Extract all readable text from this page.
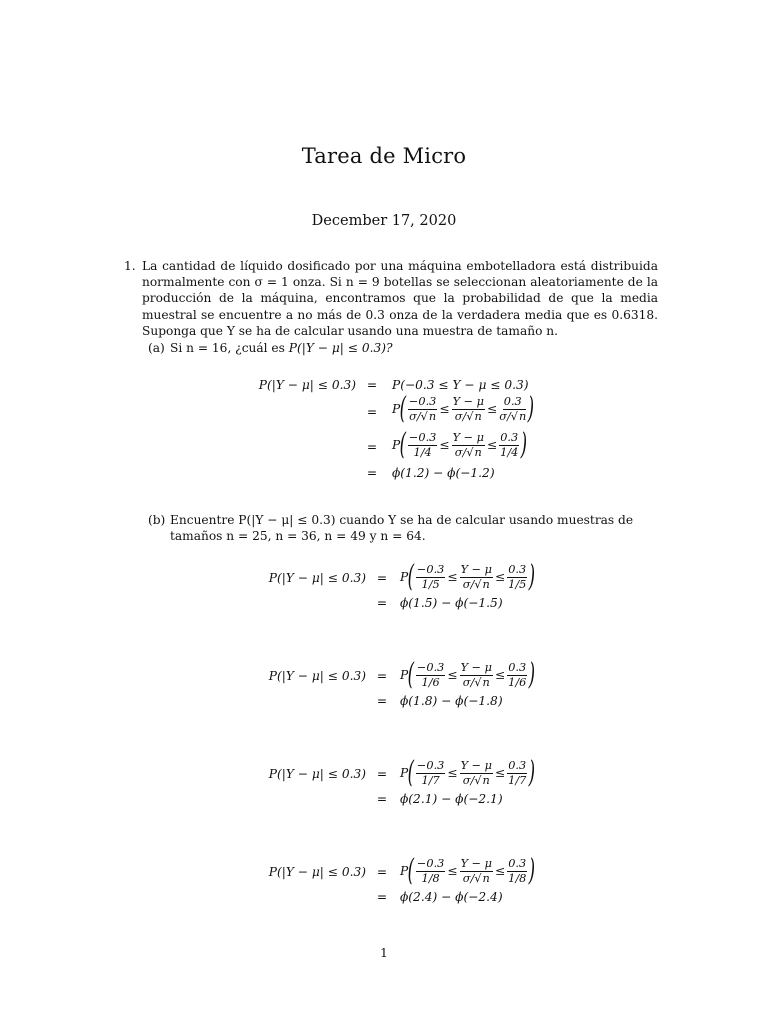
Tarea de Micro
December 17, 2020
1. La cantidad de líquido dosificado por una máquina embotelladora está distribuida normalmente con σ = 1 onza. Si n = 9 botellas se seleccionan aleatoriamente de la producción de la máquina, encontramos que la probabilidad de que la media muestral se encuentre a no más de 0.3 onza de la verdadera media que es 0.6318. Suponga que Y se ha de calcular usando una muestra de tamaño n.
(a) Si n = 16, ¿cuál es P(|Y − μ| ≤ 0.3)?
P(|Y − μ| ≤ 0.3) =	P(−0.3 ≤ Y − μ ≤ 0.3)
=	P ( $\frac{-0.3}{\sigma/√n} \le \frac{Y - \mu}{\sigma/√n} \le \frac{0.3}{\sigma/√n}$ )
=	P ( $\frac{-0.3}{1/4} \le \frac{Y - \mu}{\sigma/√n} \le \frac{0.3}{1/4}$ )
=	ϕ(1.2) − ϕ(−1.2)
(b) Encuentre P(|Y − μ| ≤ 0.3) cuando Y se ha de calcular usando muestras de tamaños n = 25, n = 36, n = 49 y n = 64.
P(|Y − μ| ≤ 0.3) =	P ( $\frac{-0.3}{1/5} \le \frac{Y - \mu}{\sigma/√n} \le \frac{0.3}{1/5}$ )
=	ϕ(1.5) − ϕ(−1.5)
P(|Y − μ| ≤ 0.3) =	P ( $\frac{-0.3}{1/6} \le \frac{Y - \mu}{\sigma/√n} \le \frac{0.3}{1/6}$ )
=	ϕ(1.8) − ϕ(−1.8)
P(|Y − μ| ≤ 0.3) =	P ( $\frac{-0.3}{1/7} \le \frac{Y - \mu}{\sigma/√n} \le \frac{0.3}{1/7}$ )
=	ϕ(2.1) − ϕ(−2.1)
P(|Y − μ| ≤ 0.3) =	P ( $\frac{-0.3}{1/8} \le \frac{Y - \mu}{\sigma/√n} \le \frac{0.3}{1/8}$ )
=	ϕ(2.4) − ϕ(−2.4)
1
